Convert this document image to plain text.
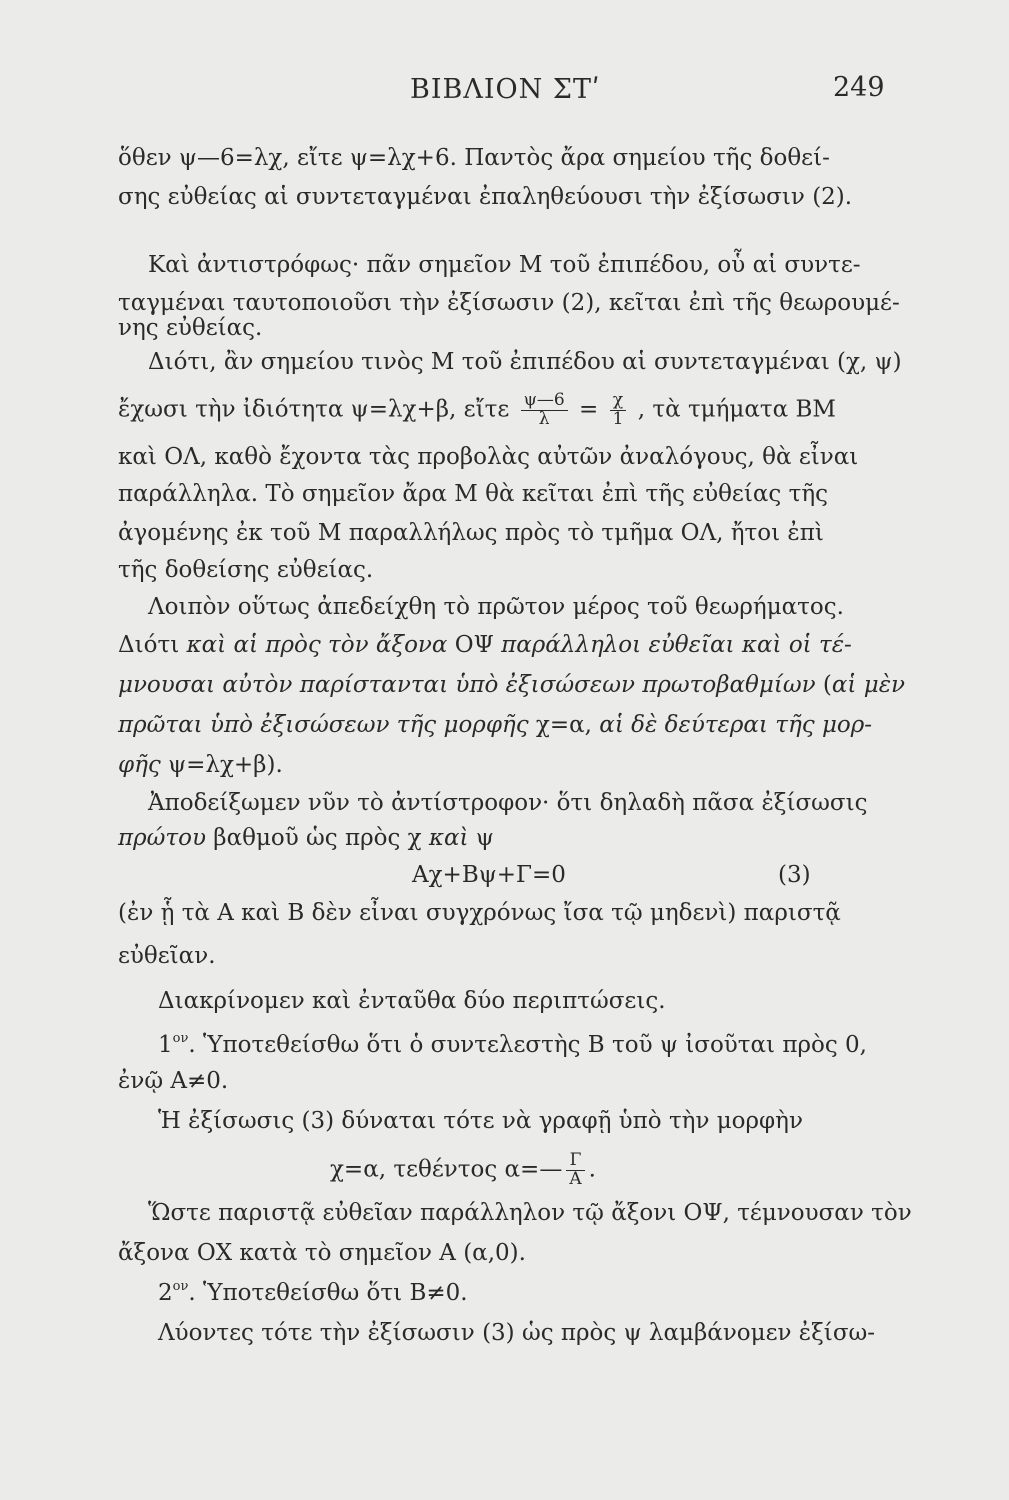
ΒΙΒΛΙΟΝ ΣΤʹ	249
ὅθεν ψ—6=λχ, εἴτε ψ=λχ+6. Παντὸς ἄρα σημείου τῆς δοθεί-
σης εὐθείας αἱ συντεταγμέναι ἐπαληθεύουσι τὴν ἐξίσωσιν (2).
Καὶ ἀντιστρόφως· πᾶν σημεῖον Μ τοῦ ἐπιπέδου, οὗ αἱ συντε-
ταγμέναι ταυτοποιοῦσι τὴν ἐξίσωσιν (2), κεῖται ἐπὶ τῆς θεωρουμέ-
νης εὐθείας.
Διότι, ἂν σημείου τινὸς Μ τοῦ ἐπιπέδου αἱ συντεταγμέναι (χ, ψ)
ἔχωσι τὴν ἰδιότητα ψ=λχ+β, εἴτε $\frac{\psi—6}{\lambda} = \frac{\chi}{1}$ , τὰ τμήματα ΒΜ
καὶ ΟΛ, καθὸ ἔχοντα τὰς προβολὰς αὐτῶν ἀναλόγους, θὰ εἶναι
παράλληλα. Τὸ σημεῖον ἄρα Μ θὰ κεῖται ἐπὶ τῆς εὐθείας τῆς
ἀγομένης ἐκ τοῦ Μ παραλλήλως πρὸς τὸ τμῆμα ΟΛ, ἤτοι ἐπὶ
τῆς δοθείσης εὐθείας.
Λοιπὸν οὕτως ἀπεδείχθη τὸ πρῶτον μέρος τοῦ θεωρήματος.
Διότι καὶ αἱ πρὸς τὸν ἄξονα ΟΨ παράλληλοι εὐθεῖαι καὶ οἱ τέ-
μνουσαι αὐτὸν παρίστανται ὑπὸ ἐξισώσεων πρωτοβαθμίων (αἱ μὲν
πρῶται ὑπὸ ἐξισώσεων τῆς μορφῆς χ=α, αἱ δὲ δεύτεραι τῆς μορ-
φῆς ψ=λχ+β).
Ἀποδείξωμεν νῦν τὸ ἀντίστροφον· ὅτι δηλαδὴ πᾶσα ἐξίσωσις
πρώτου βαθμοῦ ὡς πρὸς χ καὶ ψ
Αχ+Βψ+Γ=0	(3)
(ἐν ᾗ τὰ Α καὶ Β δὲν εἶναι συγχρόνως ἴσα τῷ μηδενὶ) παριστᾷ
εὐθεῖαν.
Διακρίνομεν καὶ ἐνταῦθα δύο περιπτώσεις.
$1^{o\nu}$. Ὑποτεθείσθω ὅτι ὁ συντελεστὴς Β τοῦ ψ ἰσοῦται πρὸς 0,
ἐνῷ Α≠0.
Ἡ ἐξίσωσις (3) δύναται τότε νὰ γραφῇ ὑπὸ τὴν μορφὴν
χ=α, τεθέντος α=— $\frac{\Gamma}{A}$ .
Ὥστε παριστᾷ εὐθεῖαν παράλληλον τῷ ἄξονι ΟΨ, τέμνουσαν τὸν
ἄξονα ΟΧ κατὰ τὸ σημεῖον Α (α,0).
$2^{o\nu}$. Ὑποτεθείσθω ὅτι Β≠0.
Λύοντες τότε τὴν ἐξίσωσιν (3) ὡς πρὸς ψ λαμβάνομεν ἐξίσω-
